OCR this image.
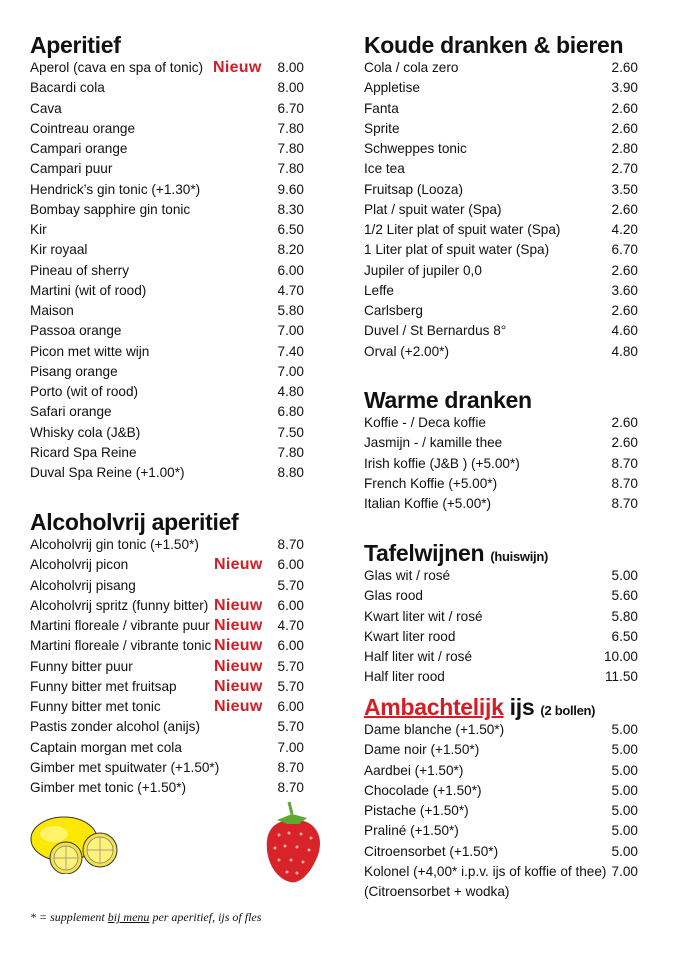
Aperitief
Aperol (cava en spa of tonic) Nieuw 8.00
Bacardi cola	8.00
Cava	6.70
Cointreau orange	7.80
Campari orange	7.80
Campari puur	7.80
Hendrick’s gin tonic (+1.30*)	9.60
Bombay sapphire gin tonic	8.30
Kir	6.50
Kir royaal	8.20
Pineau of sherry	6.00
Martini (wit of rood)	4.70
Maison	5.80
Passoa orange	7.00
Picon met witte wijn	7.40
Pisang orange	7.00
Porto (wit of rood)	4.80
Safari orange	6.80
Whisky cola (J&B)	7.50
Ricard Spa Reine	7.80
Duval Spa Reine (+1.00*)	8.80
Alcoholvrij aperitief
Alcoholvrij gin tonic (+1.50*)	8.70
Alcoholvrij picon	Nieuw 6.00
Alcoholvrij pisang	5.70
Alcoholvrij spritz (funny bitter) Nieuw 6.00
Martini floreale / vibrante puur Nieuw 4.70
Martini floreale / vibrante tonic Nieuw 6.00
Funny bitter puur	Nieuw 5.70
Funny bitter met fruitsap Nieuw 5.70
Funny bitter met tonic	Nieuw 6.00
Pastis zonder alcohol (anijs)	5.70
Captain morgan met cola	7.00
Gimber met spuitwater (+1.50*)	8.70
Gimber met tonic (+1.50*)	8.70
Koude dranken & bieren
Cola / cola zero	2.60
Appletise	3.90
Fanta	2.60
Sprite	2.60
Schweppes tonic	2.80
Ice tea	2.70
Fruitsap (Looza)	3.50
Plat / spuit water (Spa)	2.60
1/2 Liter plat of spuit water (Spa)	4.20
1 Liter plat of spuit water (Spa)	6.70
Jupiler of jupiler 0,0	2.60
Leffe	3.60
Carlsberg	2.60
Duvel / St Bernardus 8°	4.60
Orval (+2.00*)	4.80
Warme dranken
Koffie - / Deca koffie	2.60
Jasmijn - / kamille thee	2.60
Irish koffie (J&B ) (+5.00*)	8.70
French Koffie (+5.00*)	8.70
Italian Koffie (+5.00*)	8.70
Tafelwijnen (huiswijn)
Glas wit / rosé	5.00
Glas rood	5.60
Kwart liter wit / rosé	5.80
Kwart liter rood	6.50
Half liter wit / rosé	10.00
Half liter rood	11.50
Ambachtelijk ijs (2 bollen)
Dame blanche (+1.50*)	5.00
Dame noir (+1.50*)	5.00
Aardbei (+1.50*)	5.00
Chocolade (+1.50*)	5.00
Pistache (+1.50*)	5.00
Praliné (+1.50*)	5.00
Citroensorbet (+1.50*)	5.00
Kolonel (+4,00* i.p.v. ijs of koffie of thee) 7.00
(Citroensorbet + wodka)
* = supplement bij menu per aperitief, ijs of fles
